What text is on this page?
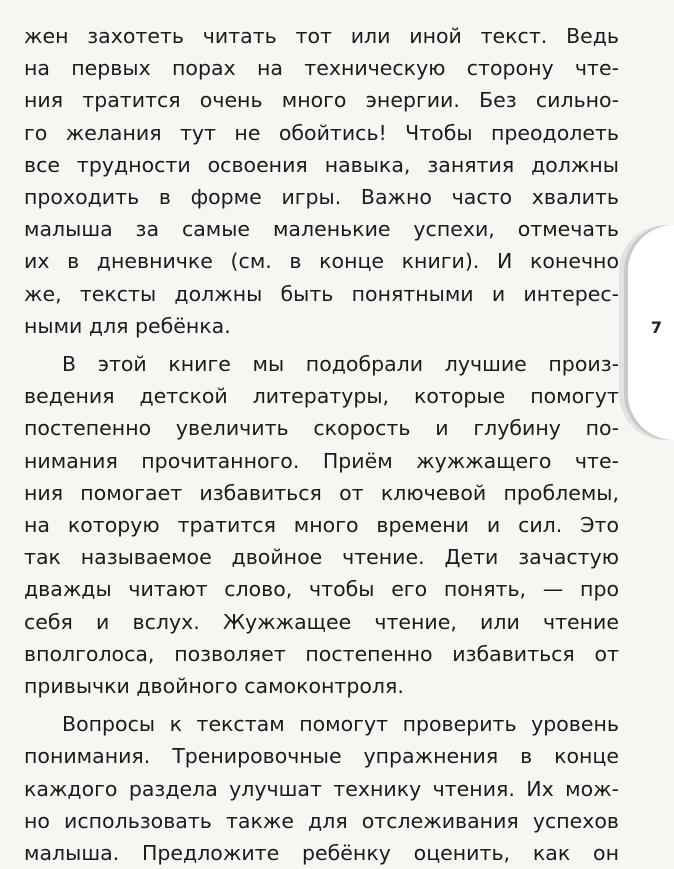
жен захотеть читать тот или иной текст. Ведь
на первых порах на техническую сторону чте-
ния тратится очень много энергии. Без сильно-
го желания тут не обойтись! Чтобы преодолеть
все трудности освоения навыка, занятия должны
проходить в форме игры. Важно часто хвалить
малыша за самые маленькие успехи, отмечать
их в дневничке (см. в конце книги). И конечно
же, тексты должны быть понятными и интерес-
ными для ребёнка.
В этой книге мы подобрали лучшие произ-
ведения детской литературы, которые помогут
постепенно увеличить скорость и глубину по-
нимания прочитанного. Приём жужжащего чте-
ния помогает избавиться от ключевой проблемы,
на которую тратится много времени и сил. Это
так называемое двойное чтение. Дети зачастую
дважды читают слово, чтобы его понять, — про
себя и вслух. Жужжащее чтение, или чтение
вполголоса, позволяет постепенно избавиться от
привычки двойного самоконтроля.
Вопросы к текстам помогут проверить уровень
понимания. Тренировочные упражнения в конце
каждого раздела улучшат технику чтения. Их мож-
но использовать также для отслеживания успехов
малыша. Предложите ребёнку оценить, как он
7
